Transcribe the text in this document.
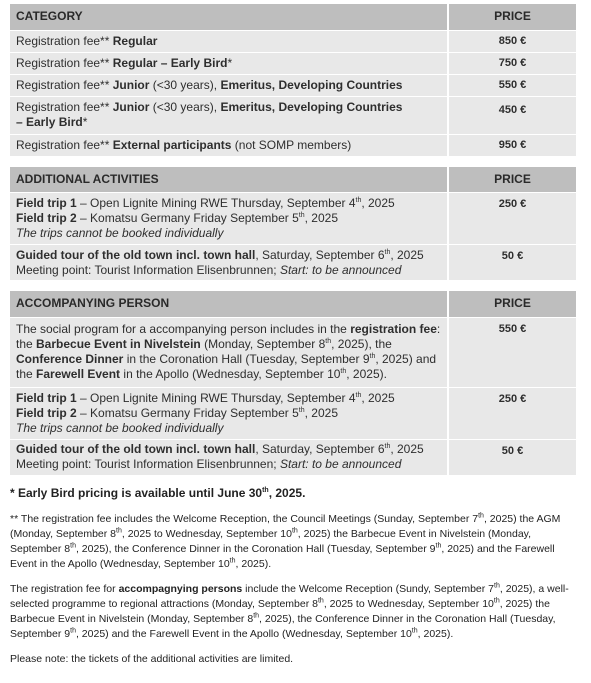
CATEGORY	PRICE
Registration fee** Regular	850 €
Registration fee** Regular – Early Bird*	750 €
Registration fee** Junior (<30 years), Emeritus, Developing Countries	550 €
Registration fee** Junior (<30 years), Emeritus, Developing Countries
– Early Bird*	450 €
Registration fee** External participants (not SOMP members)	950 €
ADDITIONAL ACTIVITIES	PRICE
Field trip 1 – Open Lignite Mining RWE Thursday, September 4th, 2025
Field trip 2 – Komatsu Germany Friday September 5th, 2025
The trips cannot be booked individually	250 €
Guided tour of the old town incl. town hall, Saturday, September 6th, 2025
Meeting point: Tourist Information Elisenbrunnen; Start: to be announced	50 €
ACCOMPANYING PERSON	PRICE
The social program for a accompanying person includes in the registration fee: the Barbecue Event in Nivelstein (Monday, September 8th, 2025), the Conference Dinner in the Coronation Hall (Tuesday, September 9th, 2025) and the Farewell Event in the Apollo (Wednesday, September 10th, 2025).	550 €
Field trip 1 – Open Lignite Mining RWE Thursday, September 4th, 2025
Field trip 2 – Komatsu Germany Friday September 5th, 2025
The trips cannot be booked individually	250 €
Guided tour of the old town incl. town hall, Saturday, September 6th, 2025
Meeting point: Tourist Information Elisenbrunnen; Start: to be announced	50 €
* Early Bird pricing is available until June 30th, 2025.
** The registration fee includes the Welcome Reception, the Council Meetings (Sunday, September 7th, 2025) the AGM (Monday, September 8th, 2025 to Wednesday, September 10th, 2025) the Barbecue Event in Nivelstein (Monday, September 8th, 2025), the Conference Dinner in the Coronation Hall (Tuesday, September 9th, 2025) and the Farewell Event in the Apollo (Wednesday, September 10th, 2025).
The registration fee for accompagnying persons include the Welcome Reception (Sundy, September 7th, 2025), a well-selected programme to regional attractions (Monday, September 8th, 2025 to Wednesday, September 10th, 2025) the Barbecue Event in Nivelstein (Monday, September 8th, 2025), the Conference Dinner in the Coronation Hall (Tuesday, September 9th, 2025) and the Farewell Event in the Apollo (Wednesday, September 10th, 2025).
Please note: the tickets of the additional activities are limited.
